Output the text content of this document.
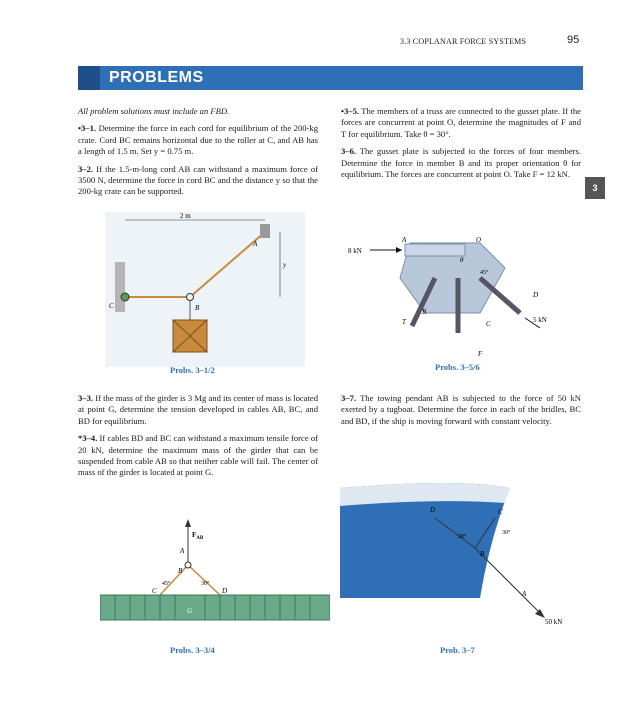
3.3 COPLANAR FORCE SYSTEMS	95
PROBLEMS
3

All problem solutions must include an FBD.

•3–1. Determine the force in each cord for equilibrium of the 200-kg crate. Cord BC remains horizontal due to the roller at C, and AB has a length of 1.5 m. Set y = 0.75 m.

3–2. If the 1.5-m-long cord AB can withstand a maximum force of 3500 N, determine the force in cord BC and the distance y so that the 200-kg crate can be supported.

•3–5. The members of a truss are connected to the gusset plate. If the forces are concurrent at point O, determine the magnitudes of F and T for equilibrium. Take θ = 30°.

3–6. The gusset plate is subjected to the forces of four members. Determine the force in member B and its proper orientation θ for equilibrium. The forces are concurrent at point O. Take F = 12 kN.

2 m
y
A
B
C
Probs. 3–1/2
8 kN
A	O
θ
45°
5 kN
B
C
D
T
F
Probs. 3–5/6

3–3. If the mass of the girder is 3 Mg and its center of mass is located at point G, determine the tension developed in cables AB, BC, and BD for equilibrium.

*3–4. If cables BD and BC can withstand a maximum tensile force of 20 kN, determine the maximum mass of the girder that can be suspended from cable AB so that neither cable will fail. The center of mass of the girder is located at point G.

3–7. The towing pendant AB is subjected to the force of 50 kN exerted by a tugboat. Determine the force in each of the bridles, BC and BD, if the ship is moving forward with constant velocity.

$F_{AB}$
A
B
45°	30°
C	D
G
Probs. 3–3/4
D	C
B
A
30°
20°
50 kN
Prob. 3–7
